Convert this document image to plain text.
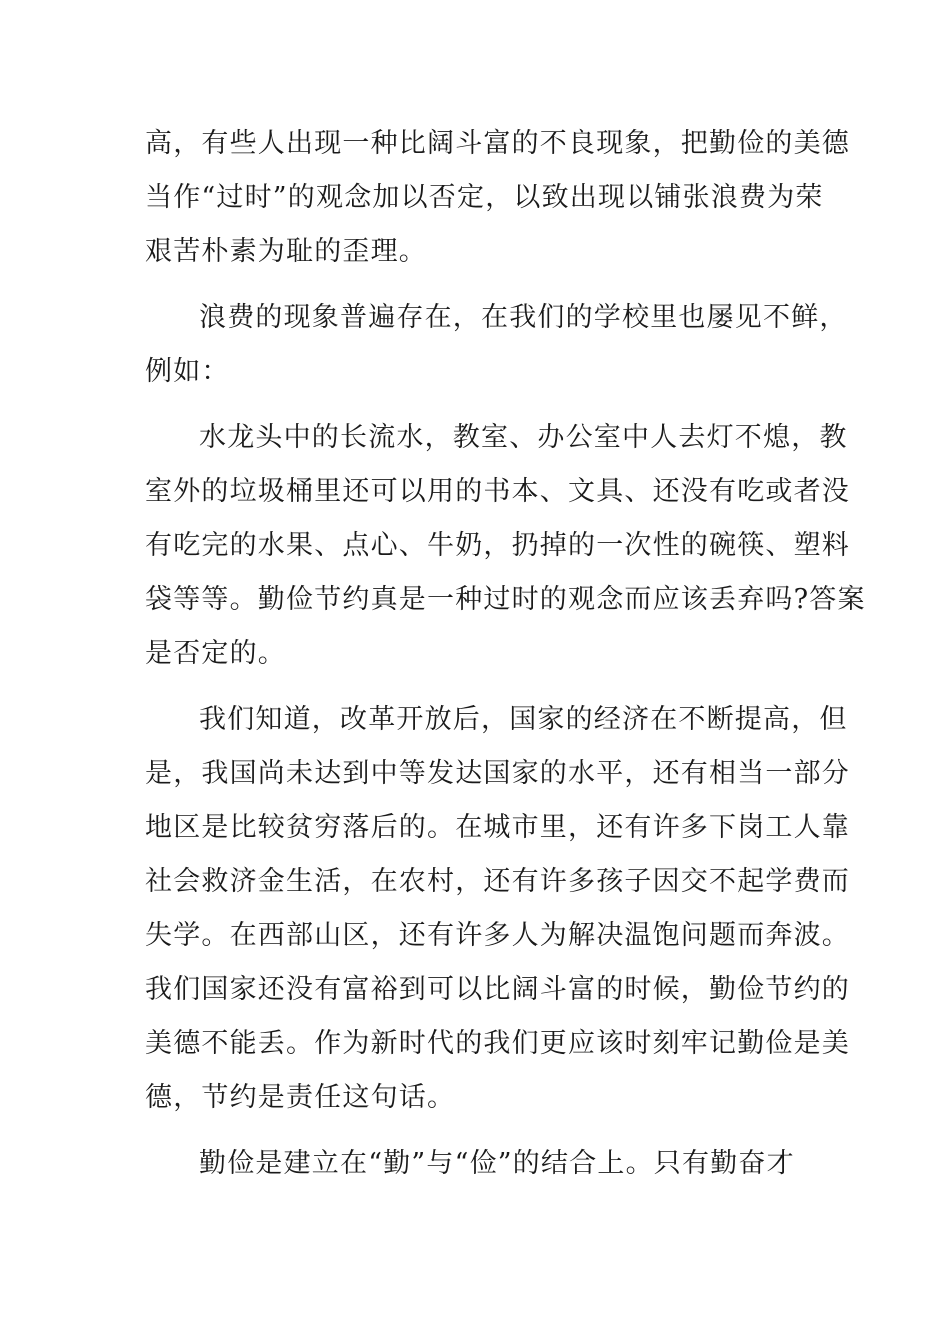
高，有些人出现一种比阔斗富的不良现象，把勤俭的美德
当作“过时”的观念加以否定，以致出现以铺张浪费为荣
艰苦朴素为耻的歪理。
浪费的现象普遍存在，在我们的学校里也屡见不鲜，
例如：
水龙头中的长流水，教室、办公室中人去灯不熄，教
室外的垃圾桶里还可以用的书本、文具、还没有吃或者没
有吃完的水果、点心、牛奶，扔掉的一次性的碗筷、塑料
袋等等。勤俭节约真是一种过时的观念而应该丢弃吗?答案
是否定的。
我们知道，改革开放后，国家的经济在不断提高，但
是，我国尚未达到中等发达国家的水平，还有相当一部分
地区是比较贫穷落后的。在城市里，还有许多下岗工人靠
社会救济金生活，在农村，还有许多孩子因交不起学费而
失学。在西部山区，还有许多人为解决温饱问题而奔波。
我们国家还没有富裕到可以比阔斗富的时候，勤俭节约的
美德不能丢。作为新时代的我们更应该时刻牢记勤俭是美
德，节约是责任这句话。
勤俭是建立在“勤”与“俭”的结合上。只有勤奋才
